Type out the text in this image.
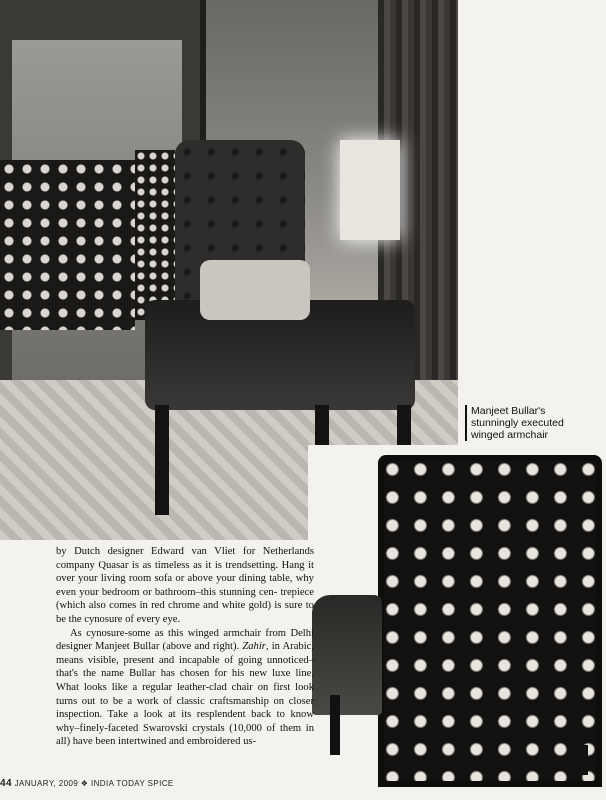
Manjeet Bullar's
stunningly executed
winged armchair

by Dutch designer Edward van Vliet for Netherlands company Quasar is as timeless as it is trendsetting. Hang it over your living room sofa or above your dining table, why even your bedroom or bathroom–this stunning cen- trepiece (which also comes in red chrome and white gold) is sure to be the cynosure of every eye.

As cynosure-some as this winged armchair from Delhi designer Manjeet Bullar (above and right). Zahir, in Arabic, means visible, present and incapable of going unnoticed–that's the name Bullar has chosen for his new luxe line. What looks like a regular leather-clad chair on first look turns out to be a work of classic craftsmanship on closer inspection. Take a look at its resplendent back to know why–finely-faceted Swarovski crystals (10,000 of them in all) have been intertwined and embroidered us-

44 JANUARY, 2009 ❖ INDIA TODAY SPICE
